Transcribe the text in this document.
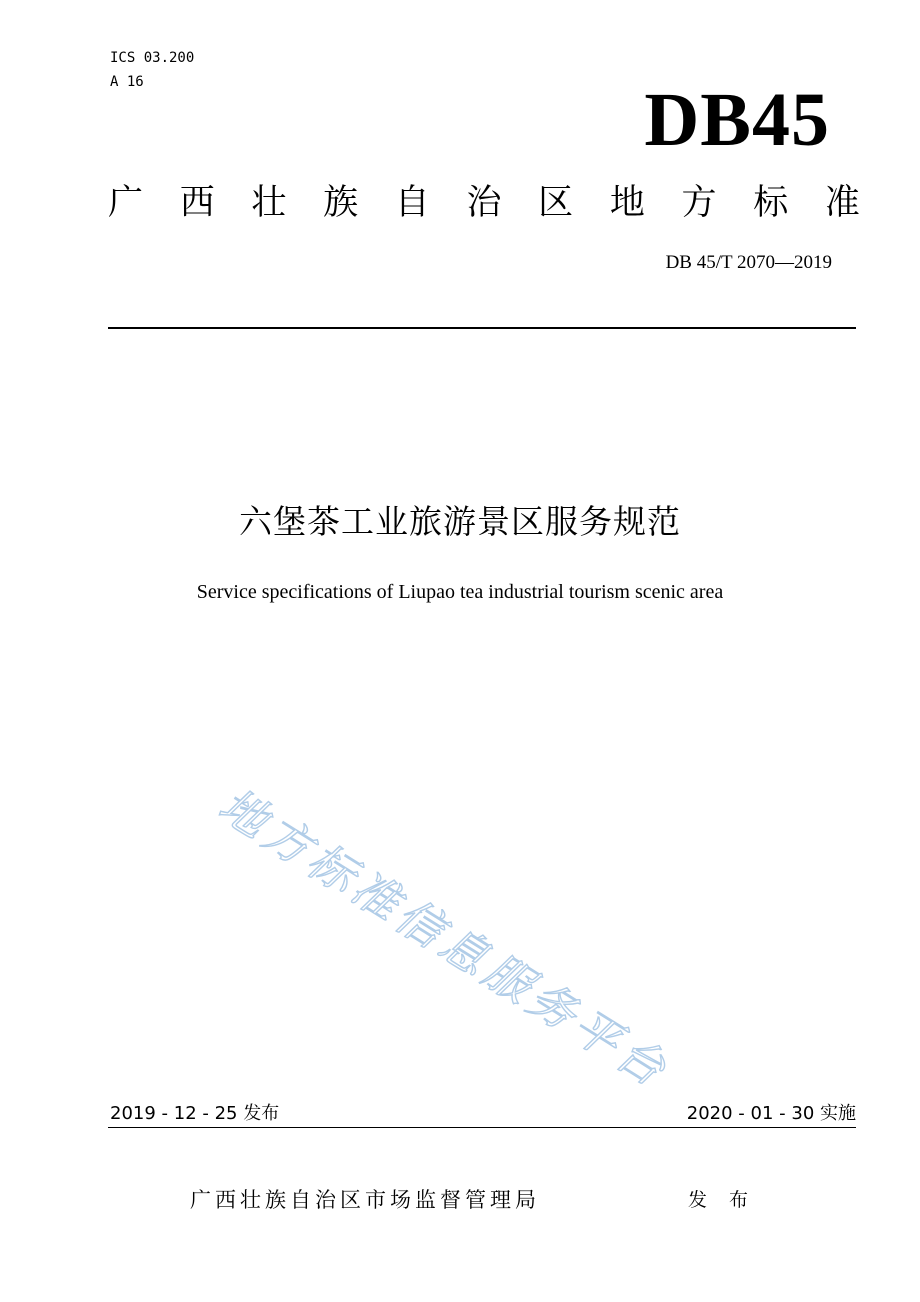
ICS 03.200
A 16	DB45
广 西 壮 族 自 治 区 地 方 标 准
DB 45/T 2070—2019
六堡茶工业旅游景区服务规范
Service specifications of Liupao tea industrial tourism scenic area
地方标准信息服务平台
2019 - 12 - 25 发布	2020 - 01 - 30 实施
广西壮族自治区市场监督管理局	发 布
